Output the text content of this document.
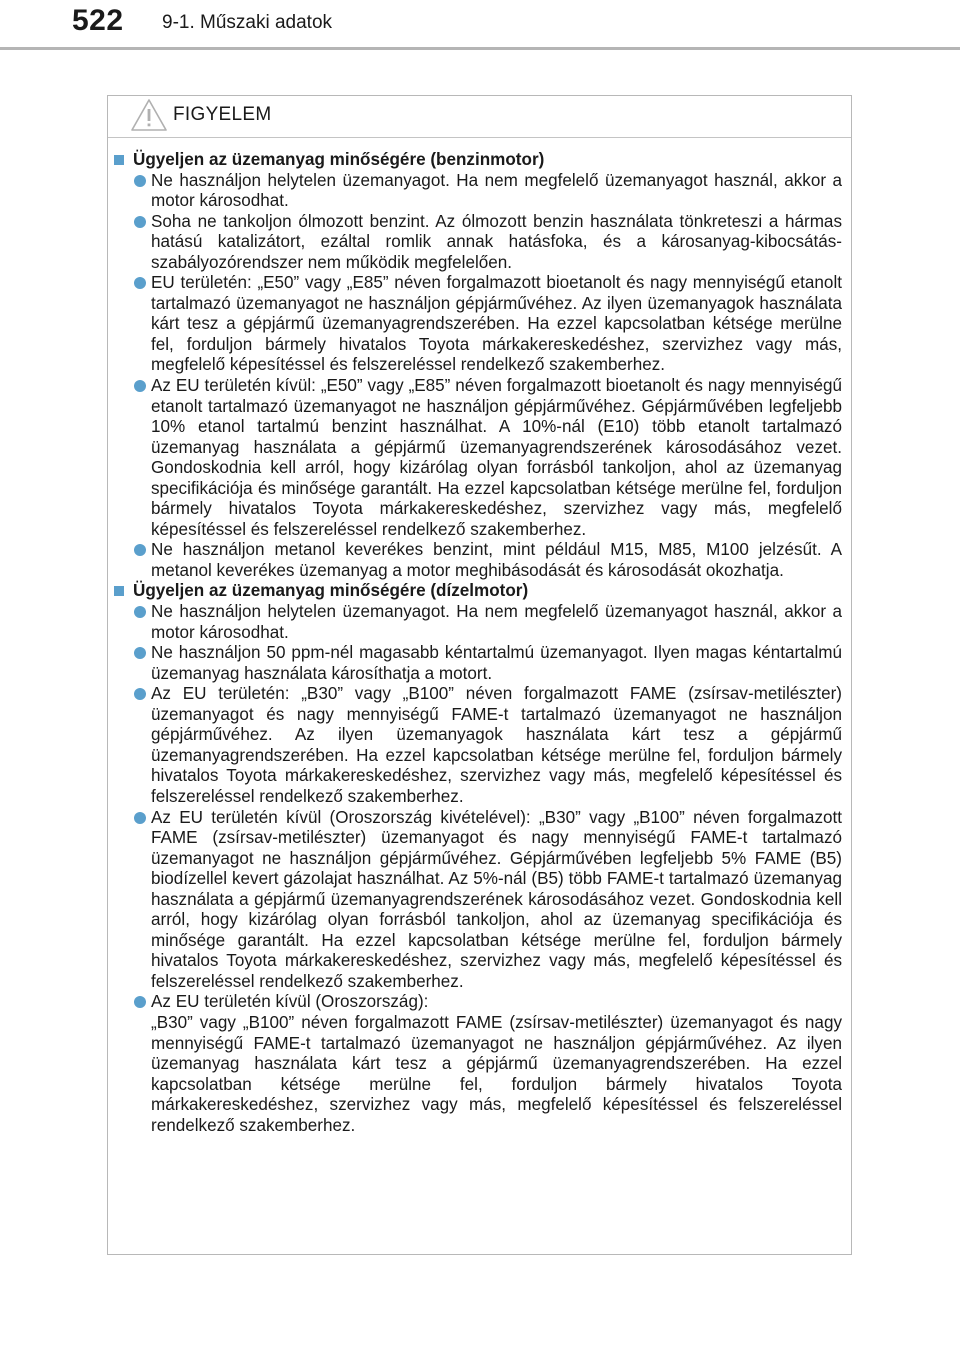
522 9-1. Műszaki adatok
FIGYELEM
Ügyeljen az üzemanyag minőségére (benzinmotor)
Ne használjon helytelen üzemanyagot. Ha nem megfelelő üzemanyagot használ, akkor a motor károsodhat.
Soha ne tankoljon ólmozott benzint. Az ólmozott benzin használata tönkreteszi a hármas hatású katalizátort, ezáltal romlik annak hatásfoka, és a károsanyag-kibocsátás-szabályozórendszer nem működik megfelelően.
EU területén: „E50” vagy „E85” néven forgalmazott bioetanolt és nagy mennyiségű etanolt tartalmazó üzemanyagot ne használjon gépjárművéhez. Az ilyen üzemanyagok használata kárt tesz a gépjármű üzemanyagrendszerében. Ha ezzel kapcsolatban kétsége merülne fel, forduljon bármely hivatalos Toyota márkakereskedéshez, szervizhez vagy más, megfelelő képesítéssel és felszereléssel rendelkező szakemberhez.
Az EU területén kívül: „E50” vagy „E85” néven forgalmazott bioetanolt és nagy mennyiségű etanolt tartalmazó üzemanyagot ne használjon gépjárművéhez. Gépjárművében legfeljebb 10% etanol tartalmú benzint használhat. A 10%-nál (E10) több etanolt tartalmazó üzemanyag használata a gépjármű üzemanyagrendszerének károsodásához vezet. Gondoskodnia kell arról, hogy kizárólag olyan forrásból tankoljon, ahol az üzemanyag specifikációja és minősége garantált. Ha ezzel kapcsolatban kétsége merülne fel, forduljon bármely hivatalos Toyota márkakereskedéshez, szervizhez vagy más, megfelelő képesítéssel és felszereléssel rendelkező szakemberhez.
Ne használjon metanol keverékes benzint, mint például M15, M85, M100 jelzésűt. A metanol keverékes üzemanyag a motor meghibásodását és károsodását okozhatja.
Ügyeljen az üzemanyag minőségére (dízelmotor)
Ne használjon helytelen üzemanyagot. Ha nem megfelelő üzemanyagot használ, akkor a motor károsodhat.
Ne használjon 50 ppm-nél magasabb kéntartalmú üzemanyagot. Ilyen magas kéntartalmú üzemanyag használata károsíthatja a motort.
Az EU területén: „B30” vagy „B100” néven forgalmazott FAME (zsírsav-metilészter) üzemanyagot és nagy mennyiségű FAME-t tartalmazó üzemanyagot ne használjon gépjárművéhez. Az ilyen üzemanyagok használata kárt tesz a gépjármű üzemanyagrendszerében. Ha ezzel kapcsolatban kétsége merülne fel, forduljon bármely hivatalos Toyota márkakereskedéshez, szervizhez vagy más, megfelelő képesítéssel és felszereléssel rendelkező szakemberhez.
Az EU területén kívül (Oroszország kivételével): „B30” vagy „B100” néven forgalmazott FAME (zsírsav-metilészter) üzemanyagot és nagy mennyiségű FAME-t tartalmazó üzemanyagot ne használjon gépjárművéhez. Gépjárművében legfeljebb 5% FAME (B5) biodízellel kevert gázolajat használhat. Az 5%-nál (B5) több FAME-t tartalmazó üzemanyag használata a gépjármű üzemanyagrendszerének károsodásához vezet. Gondoskodnia kell arról, hogy kizárólag olyan forrásból tankoljon, ahol az üzemanyag specifikációja és minősége garantált. Ha ezzel kapcsolatban kétsége merülne fel, forduljon bármely hivatalos Toyota márkakereskedéshez, szervizhez vagy más, megfelelő képesítéssel és felszereléssel rendelkező szakemberhez.
Az EU területén kívül (Oroszország):
„B30” vagy „B100” néven forgalmazott FAME (zsírsav-metilészter) üzemanyagot és nagy mennyiségű FAME-t tartalmazó üzemanyagot ne használjon gépjárművéhez. Az ilyen üzemanyag használata kárt tesz a gépjármű üzemanyagrendszerében. Ha ezzel kapcsolatban kétsége merülne fel, forduljon bármely hivatalos Toyota márkakereskedéshez, szervizhez vagy más, megfelelő képesítéssel és felszereléssel rendelkező szakemberhez.
